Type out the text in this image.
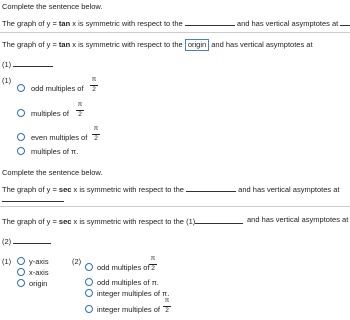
Complete the sentence below.
The graph of y = tan x is symmetric with respect to the	and has vertical asymptotes at
The graph of y = tan x is symmetric with respect to the origin and has vertical asymptotes at
(1)
(1)
odd multiples of
π
2
multiples of
π
2
even multiples of
π
2
multiples of π.
Complete the sentence below.
The graph of y = sec x is symmetric with respect to the	and has vertical asymptotes at
The graph of y = sec x is symmetric with respect to the (1)	and has vertical asymptotes at
(2)
(1) y-axis
x-axis
origin
(2)
odd multiples of
π
2
odd multiples of π.
integer multiples of π.
integer multiples of
π
2
